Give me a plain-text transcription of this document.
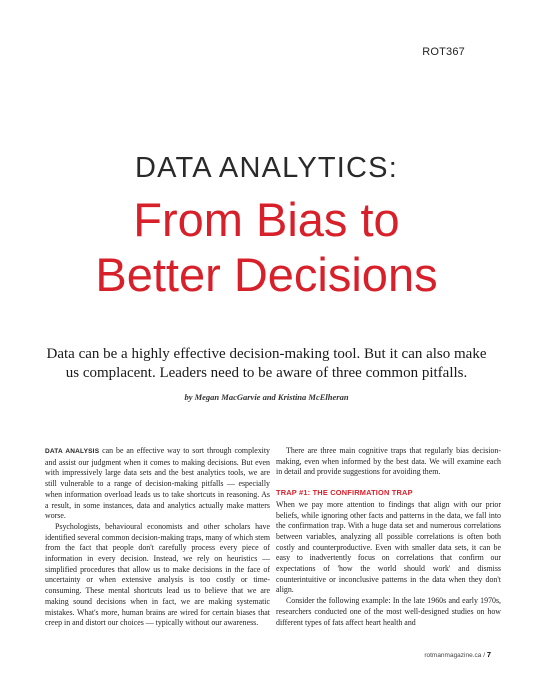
ROT367
DATA ANALYTICS:
From Bias to
Better Decisions
Data can be a highly effective decision-making tool. But it can also make us complacent. Leaders need to be aware of three common pitfalls.
by Megan MacGarvie and Kristina McElheran

DATA ANALYSIS can be an effective way to sort through complexity and assist our judgment when it comes to making decisions. But even with impressively large data sets and the best analytics tools, we are still vulnerable to a range of decision-making pitfalls — especially when information overload leads us to take shortcuts in reasoning. As a result, in some instances, data and analytics actually make matters worse.

Psychologists, behavioural economists and other scholars have identified several common decision-making traps, many of which stem from the fact that people don't carefully process every piece of information in every decision. Instead, we rely on heuristics — simplified procedures that allow us to make decisions in the face of uncertainty or when extensive analysis is too costly or time-consuming. These mental shortcuts lead us to believe that we are making sound decisions when in fact, we are making systematic mistakes. What's more, human brains are wired for certain biases that creep in and distort our choices — typically without our awareness.

There are three main cognitive traps that regularly bias decision-making, even when informed by the best data. We will examine each in detail and provide suggestions for avoiding them.

TRAP #1: THE CONFIRMATION TRAP

When we pay more attention to findings that align with our prior beliefs, while ignoring other facts and patterns in the data, we fall into the confirmation trap. With a huge data set and numerous correlations between variables, analyzing all possible correlations is often both costly and counterproductive. Even with smaller data sets, it can be easy to inadvertently focus on correlations that confirm our expectations of 'how the world should work' and dismiss counterintuitive or inconclusive patterns in the data when they don't align.

Consider the following example: In the late 1960s and early 1970s, researchers conducted one of the most well-designed studies on how different types of fats affect heart health and

rotmanmagazine.ca / 7
